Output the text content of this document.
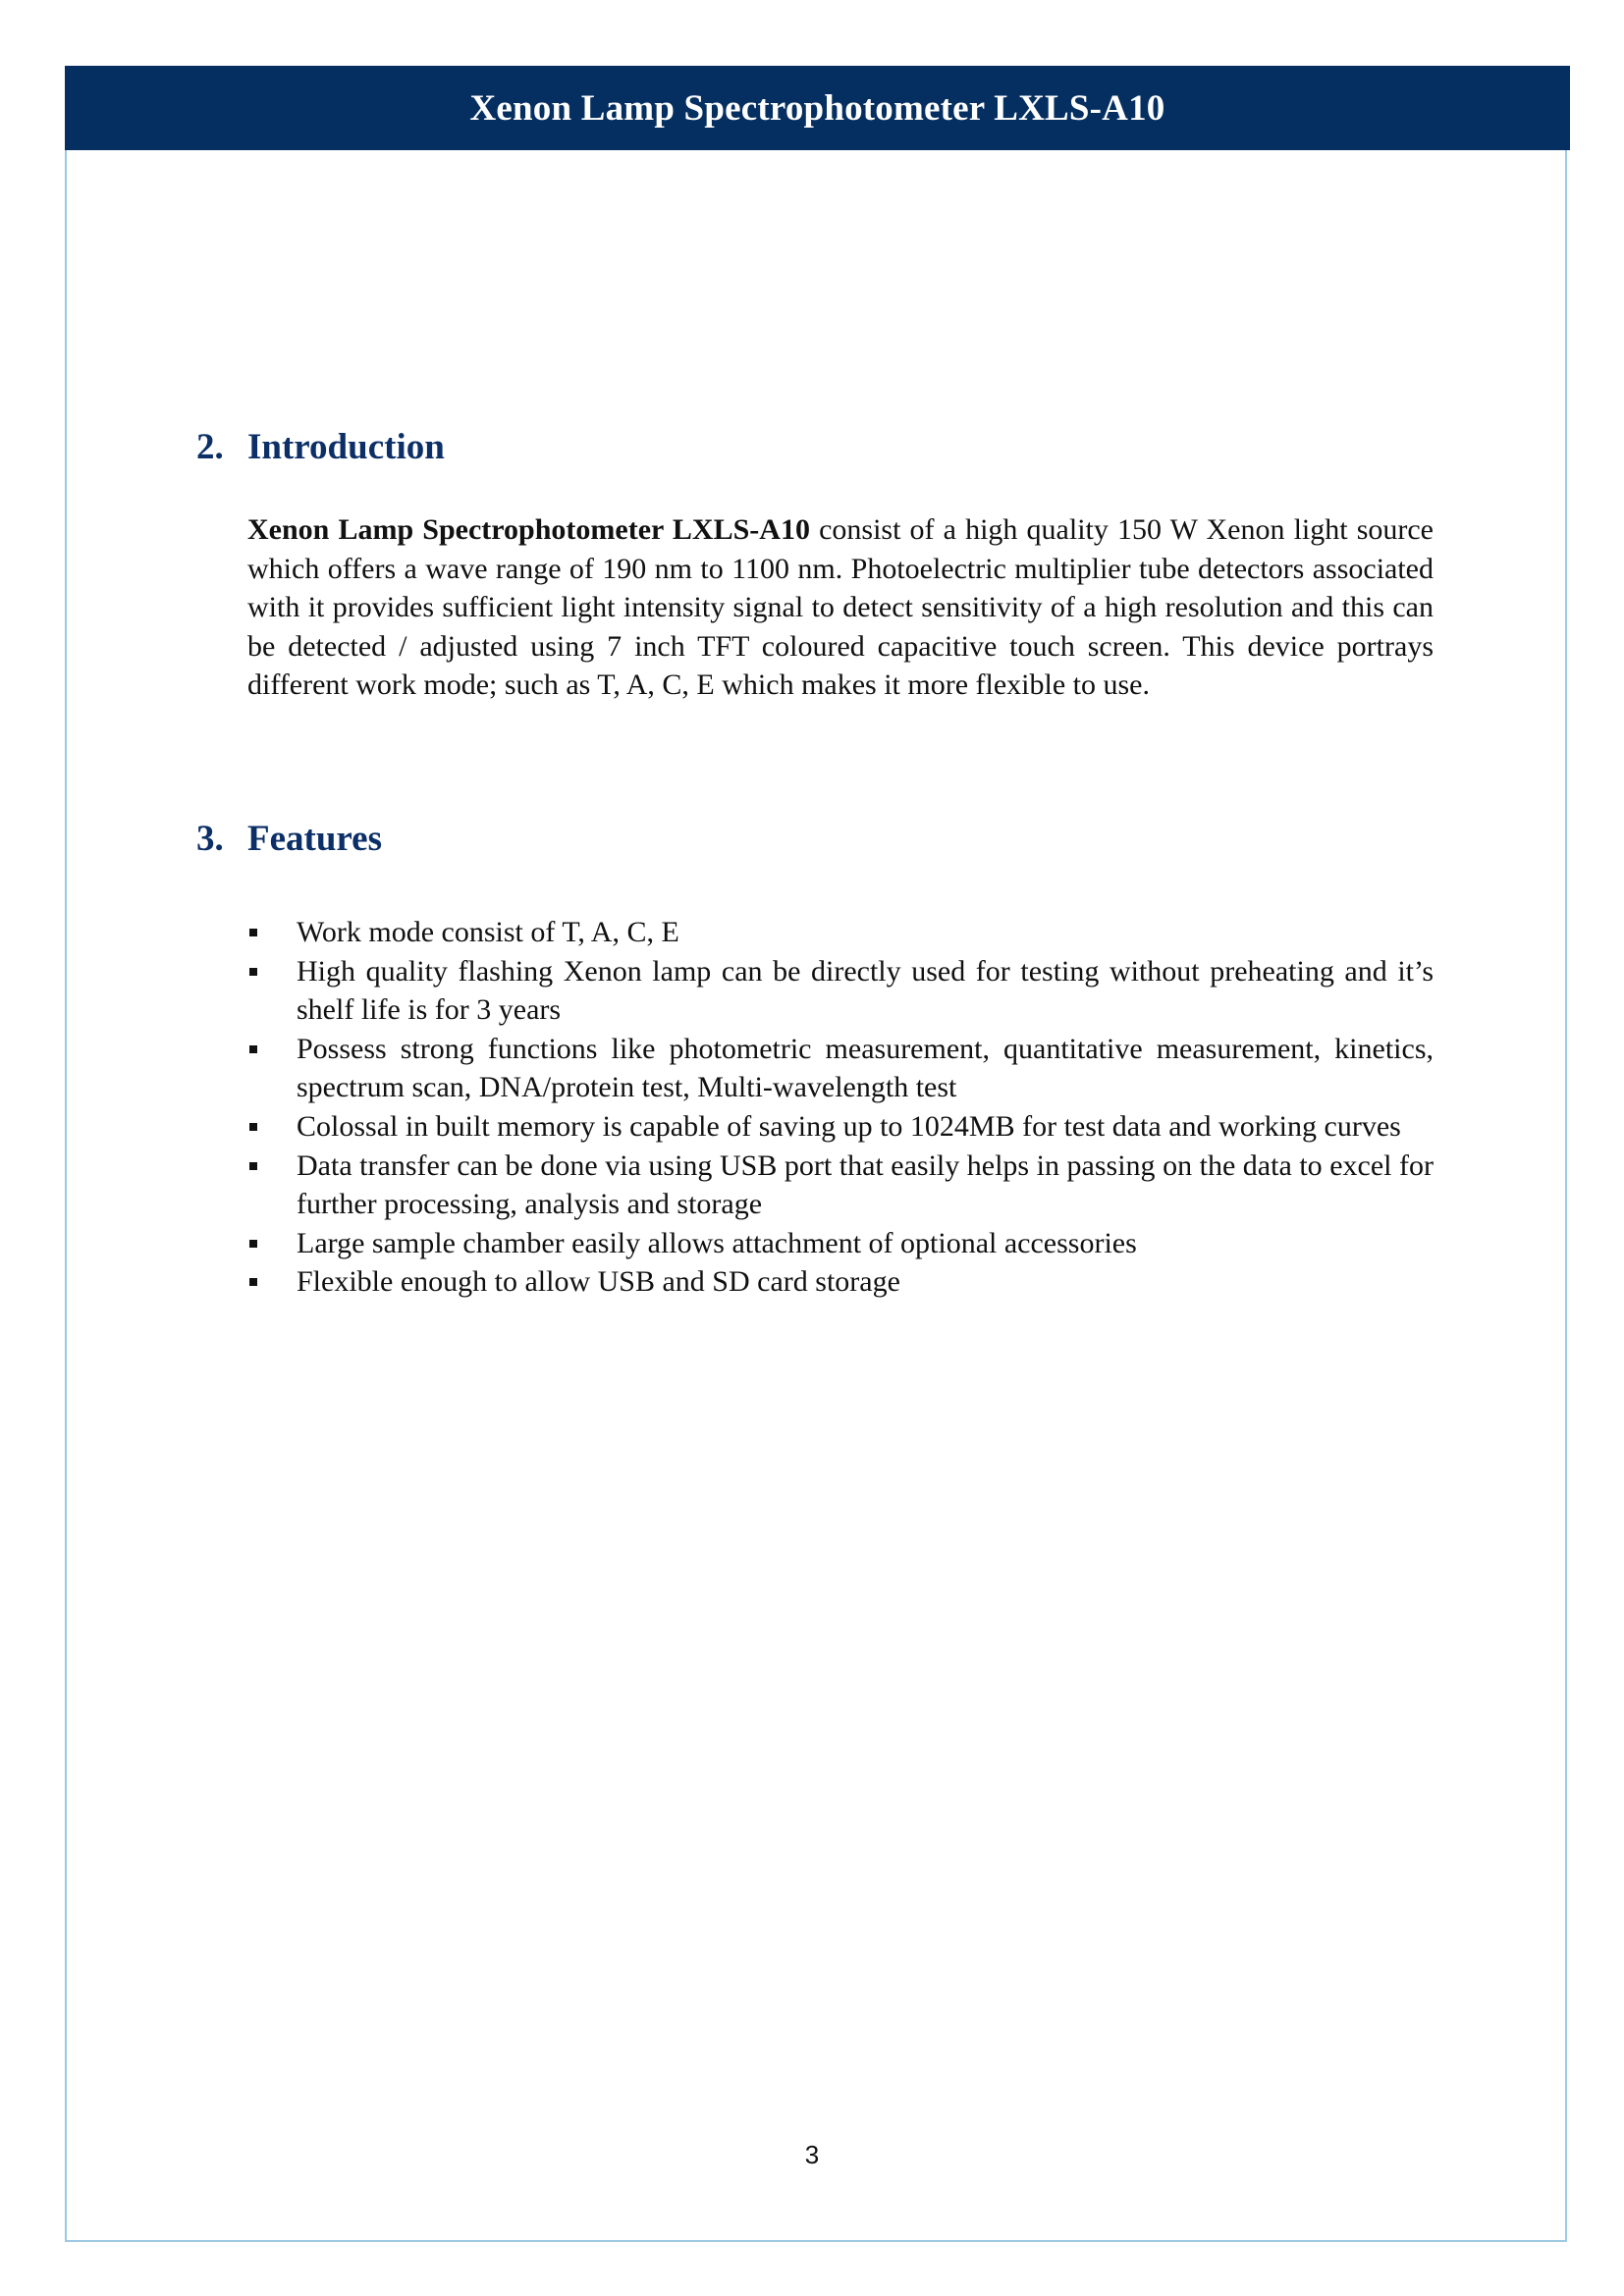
Xenon Lamp Spectrophotometer LXLS-A10
2. Introduction

Xenon Lamp Spectrophotometer LXLS-A10 consist of a high quality 150 W Xenon light source which offers a wave range of 190 nm to 1100 nm. Photoelectric multiplier tube detectors associated with it provides sufficient light intensity signal to detect sensitivity of a high resolution and this can be detected / adjusted using 7 inch TFT coloured capacitive touch screen. This device portrays different work mode; such as T, A, C, E which makes it more flexible to use.

3. Features
Work mode consist of T, A, C, E
High quality flashing Xenon lamp can be directly used for testing without preheating and it’s shelf life is for 3 years
Possess strong functions like photometric measurement, quantitative measurement, kinetics, spectrum scan, DNA/protein test, Multi-wavelength test
Colossal in built memory is capable of saving up to 1024MB for test data and working curves
Data transfer can be done via using USB port that easily helps in passing on the data to excel for further processing, analysis and storage
Large sample chamber easily allows attachment of optional accessories
Flexible enough to allow USB and SD card storage
3
